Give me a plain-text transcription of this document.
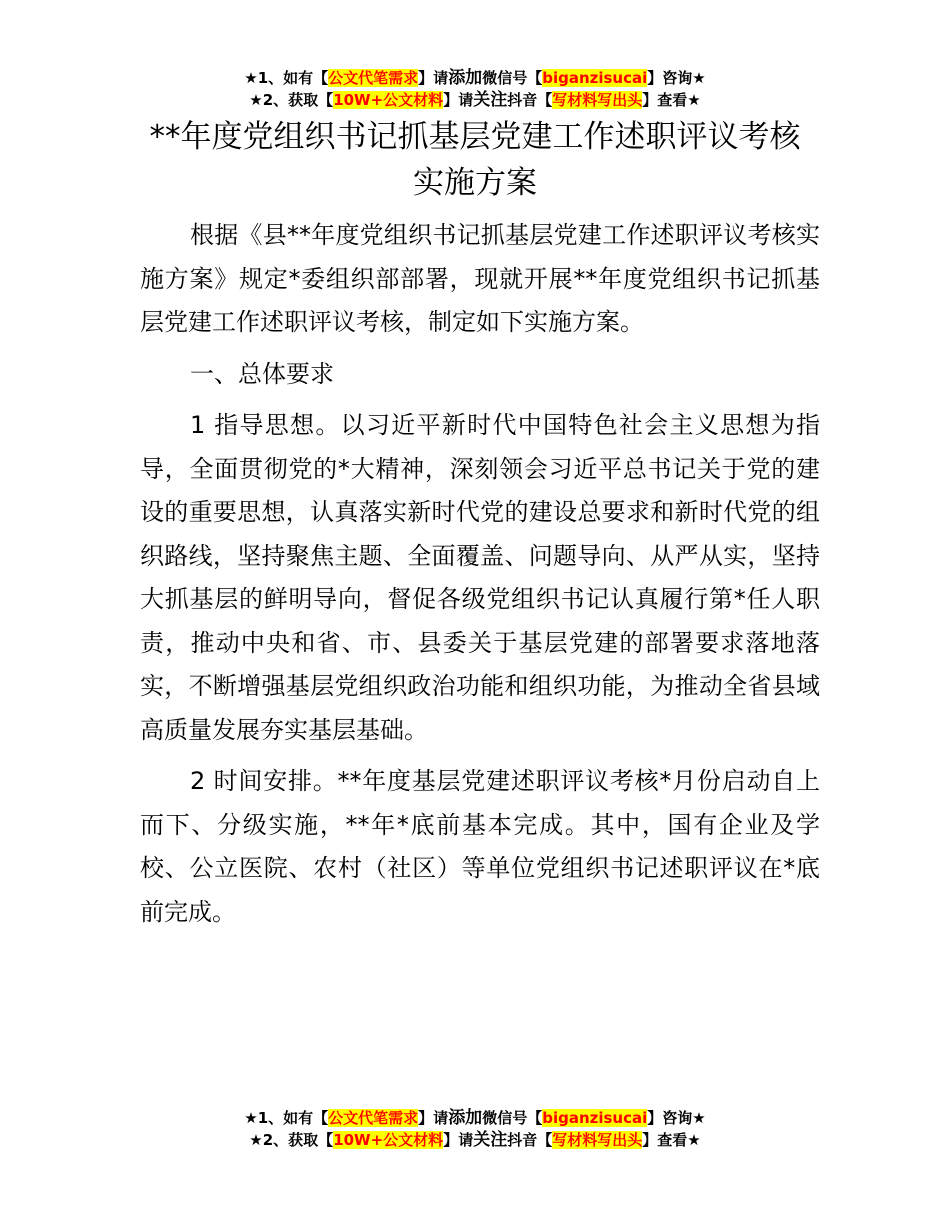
★1、如有【公文代笔需求】请添加微信号【biganzisucai】咨询★
★2、获取【10W+公文材料】请关注抖音【写材料写出头】查看★
**年度党组织书记抓基层党建工作述职评议考核实施方案

根据《县**年度党组织书记抓基层党建工作述职评议考核实施方案》规定*委组织部部署，现就开展**年度党组织书记抓基层党建工作述职评议考核，制定如下实施方案。

一、总体要求

1 指导思想。以习近平新时代中国特色社会主义思想为指导，全面贯彻党的*大精神，深刻领会习近平总书记关于党的建设的重要思想，认真落实新时代党的建设总要求和新时代党的组织路线，坚持聚焦主题、全面覆盖、问题导向、从严从实，坚持大抓基层的鲜明导向，督促各级党组织书记认真履行第*任人职责，推动中央和省、市、县委关于基层党建的部署要求落地落实，不断增强基层党组织政治功能和组织功能，为推动全省县域高质量发展夯实基层基础。

2 时间安排。**年度基层党建述职评议考核*月份启动自上而下、分级实施，**年*底前基本完成。其中，国有企业及学校、公立医院、农村（社区）等单位党组织书记述职评议在*底前完成。

★1、如有【公文代笔需求】请添加微信号【biganzisucai】咨询★
★2、获取【10W+公文材料】请关注抖音【写材料写出头】查看★
